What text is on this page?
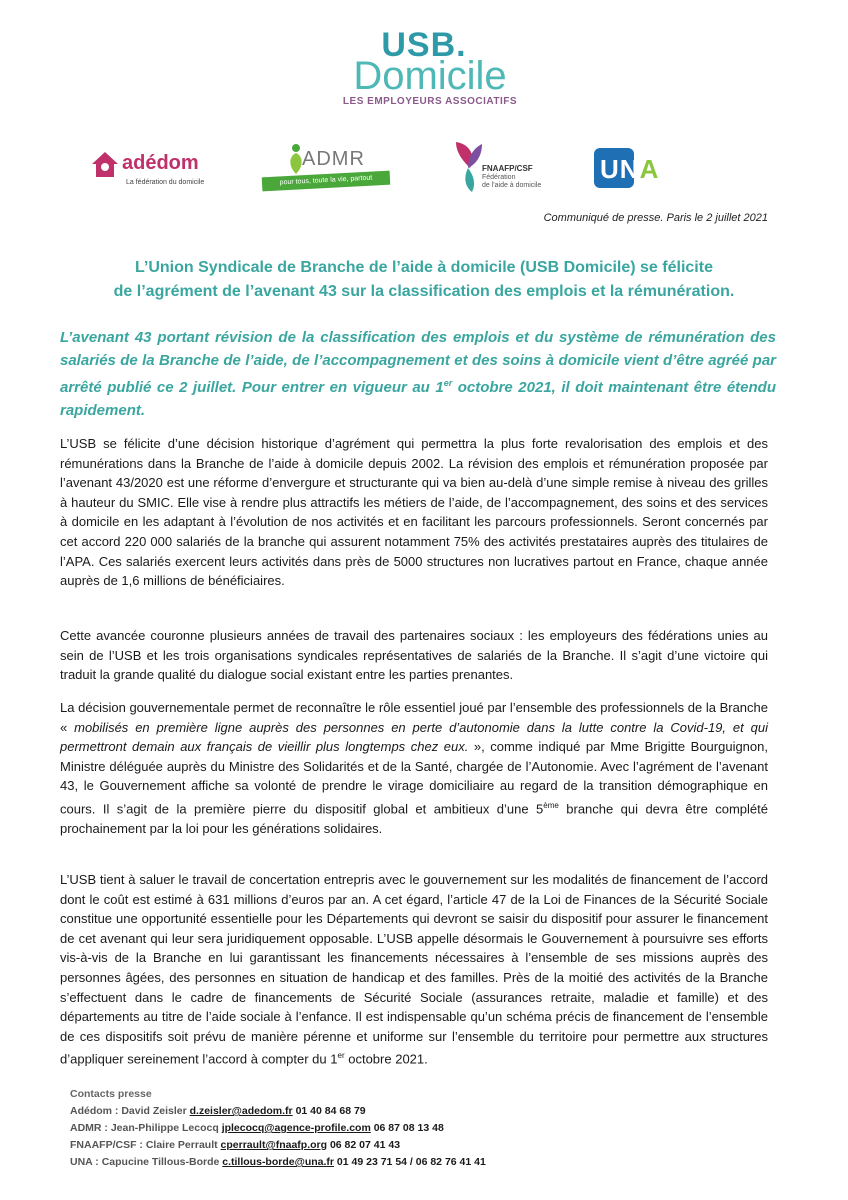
USB.
Domicile
LES EMPLOYEURS ASSOCIATIFS
adédom
La fédération du domicile
ADMR
pour tous, toute la vie, partout
FNAAFP/CSF
Fédération
de l'aide à domicile
UNA
Communiqué de presse. Paris le 2 juillet 2021
L’Union Syndicale de Branche de l’aide à domicile (USB Domicile) se félicite
de l’agrément de l’avenant 43 sur la classification des emplois et la rémunération.
L’avenant 43 portant révision de la classification des emplois et du système de rémunération des salariés de la Branche de l’aide, de l’accompagnement et des soins à domicile vient d’être agréé par arrêté publié ce 2 juillet. Pour entrer en vigueur au 1er octobre 2021, il doit maintenant être étendu rapidement.
L’USB se félicite d’une décision historique d’agrément qui permettra la plus forte revalorisation des emplois et des rémunérations dans la Branche de l’aide à domicile depuis 2002. La révision des emplois et rémunération proposée par l’avenant 43/2020 est une réforme d’envergure et structurante qui va bien au-delà d’une simple remise à niveau des grilles à hauteur du SMIC. Elle vise à rendre plus attractifs les métiers de l’aide, de l’accompagnement, des soins et des services à domicile en les adaptant à l’évolution de nos activités et en facilitant les parcours professionnels. Seront concernés par cet accord 220 000 salariés de la branche qui assurent notamment 75% des activités prestataires auprès des titulaires de l’APA. Ces salariés exercent leurs activités dans près de 5000 structures non lucratives partout en France, chaque année auprès de 1,6 millions de bénéficiaires.
Cette avancée couronne plusieurs années de travail des partenaires sociaux : les employeurs des fédérations unies au sein de l’USB et les trois organisations syndicales représentatives de salariés de la Branche. Il s’agit d’une victoire qui traduit la grande qualité du dialogue social existant entre les parties prenantes.
La décision gouvernementale permet de reconnaître le rôle essentiel joué par l’ensemble des professionnels de la Branche « mobilisés en première ligne auprès des personnes en perte d’autonomie dans la lutte contre la Covid-19, et qui permettront demain aux français de vieillir plus longtemps chez eux. », comme indiqué par Mme Brigitte Bourguignon, Ministre déléguée auprès du Ministre des Solidarités et de la Santé, chargée de l’Autonomie. Avec l’agrément de l’avenant 43, le Gouvernement affiche sa volonté de prendre le virage domiciliaire au regard de la transition démographique en cours. Il s’agit de la première pierre du dispositif global et ambitieux d’une 5ème branche qui devra être complété prochainement par la loi pour les générations solidaires.
L’USB tient à saluer le travail de concertation entrepris avec le gouvernement sur les modalités de financement de l’accord dont le coût est estimé à 631 millions d’euros par an. A cet égard, l’article 47 de la Loi de Finances de la Sécurité Sociale constitue une opportunité essentielle pour les Départements qui devront se saisir du dispositif pour assurer le financement de cet avenant qui leur sera juridiquement opposable. L’USB appelle désormais le Gouvernement à poursuivre ses efforts vis-à-vis de la Branche en lui garantissant les financements nécessaires à l’ensemble de ses missions auprès des personnes âgées, des personnes en situation de handicap et des familles. Près de la moitié des activités de la Branche s’effectuent dans le cadre de financements de Sécurité Sociale (assurances retraite, maladie et famille) et des départements au titre de l’aide sociale à l’enfance. Il est indispensable qu’un schéma précis de financement de l’ensemble de ces dispositifs soit prévu de manière pérenne et uniforme sur l’ensemble du territoire pour permettre aux structures d’appliquer sereinement l’accord à compter du 1er octobre 2021.
Contacts presse
Adédom : David Zeisler d.zeisler@adedom.fr 01 40 84 68 79
ADMR : Jean-Philippe Lecocq jplecocq@agence-profile.com 06 87 08 13 48
FNAAFP/CSF : Claire Perrault cperrault@fnaafp.org 06 82 07 41 43
UNA : Capucine Tillous-Borde c.tillous-borde@una.fr 01 49 23 71 54 / 06 82 76 41 41
